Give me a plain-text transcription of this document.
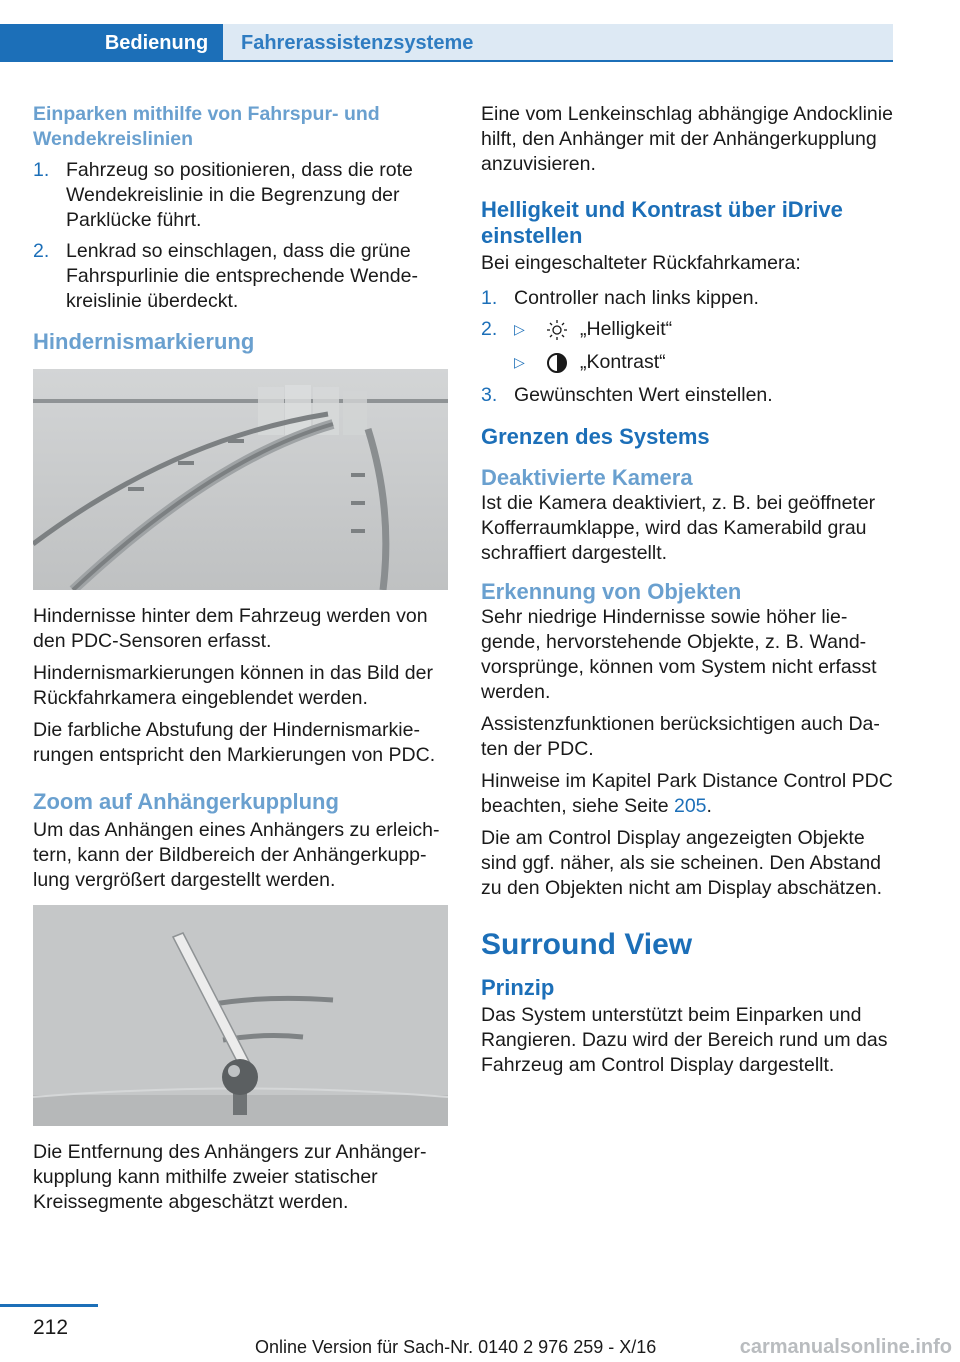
Bedienung	Fahrerassistenzsysteme
Einparken mithilfe von Fahrspur- und Wendekreislinien
1. Fahrzeug so positionieren, dass die rote Wendekreislinie in die Begrenzung der Parklücke führt.
2. Lenkrad so einschlagen, dass die grüne Fahrspurlinie die entsprechende Wendekreislinie überdeckt.
Hindernismarkierung

Hindernisse hinter dem Fahrzeug werden von den PDC-Sensoren erfasst.

Hindernismarkierungen können in das Bild der Rückfahrkamera eingeblendet werden.

Die farbliche Abstufung der Hindernismarkierungen entspricht den Markierungen von PDC.

Zoom auf Anhängerkupplung

Um das Anhängen eines Anhängers zu erleichtern, kann der Bildbereich der Anhängerkupplung vergrößert dargestellt werden.

Die Entfernung des Anhängers zur Anhängerkupplung kann mithilfe zweier statischer Kreissegmente abgeschätzt werden.

Eine vom Lenkeinschlag abhängige Andocklinie hilft, den Anhänger mit der Anhängerkupplung anzuvisieren.

Helligkeit und Kontrast über iDrive einstellen

Bei eingeschalteter Rückfahrkamera:

1. Controller nach links kippen.
2. ▷	„Helligkeit“
▷	„Kontrast“
3. Gewünschten Wert einstellen.
Grenzen des Systems
Deaktivierte Kamera

Ist die Kamera deaktiviert, z. B. bei geöffneter Kofferraumklappe, wird das Kamerabild grau schraffiert dargestellt.

Erkennung von Objekten

Sehr niedrige Hindernisse sowie höher liegende, hervorstehende Objekte, z. B. Wandvorsprünge, können vom System nicht erfasst werden.

Assistenzfunktionen berücksichtigen auch Daten der PDC.

Hinweise im Kapitel Park Distance Control PDC beachten, siehe Seite 205.

Die am Control Display angezeigten Objekte sind ggf. näher, als sie scheinen. Den Abstand zu den Objekten nicht am Display abschätzen.

Surround View
Prinzip

Das System unterstützt beim Einparken und Rangieren. Dazu wird der Bereich rund um das Fahrzeug am Control Display dargestellt.

212
Online Version für Sach-Nr. 0140 2 976 259 - X/16	carmanualsonline.info
